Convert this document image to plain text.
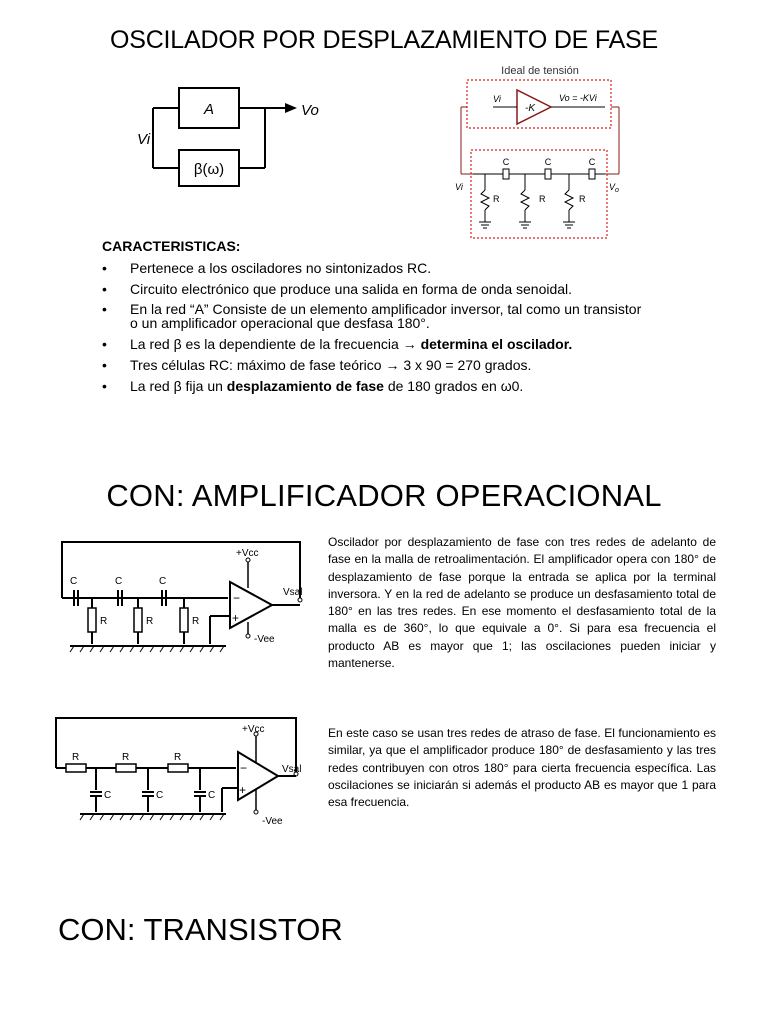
OSCILADOR POR DESPLAZAMIENTO DE FASE
A
β(ω)
Vi
Vo
Ideal de tensión
-K
Vi	Vo = -KVi
C	C	C
R	R	R
Vi	$V_o$
CARACTERISTICAS:
• Pertenece a los osciladores no sintonizados RC.
• Circuito electrónico que produce una salida en forma de onda senoidal.
• En la red “A” Consiste de un elemento amplificador inversor, tal como un transistor o un amplificador operacional que desfasa 180°.
• La red β es la dependiente de la frecuencia → determina el oscilador.
• Tres células RC: máximo de fase teórico → 3 x 90 = 270 grados.
• La red β fija un desplazamiento de fase de 180 grados en ω0.
CON: AMPLIFICADOR OPERACIONAL
C	C	C
R	R	R
−
+
+Vcc
-Vee
Vsal
Oscilador por desplazamiento de fase con tres redes de adelanto de fase en la malla de retroalimentación. El amplificador opera con 180° de desplazamiento de fase porque la entrada se aplica por la terminal inversora. Y en la red de adelanto se produce un desfasamiento total de 180° en las tres redes. En ese momento el desfasamiento total de la malla es de 360°, lo que equivale a 0°. Si para esa frecuencia el producto AB es mayor que 1; las oscilaciones pueden iniciar y mantenerse.
R	R	R
C	C	C
−
+
+Vcc
-Vee
Vsal
En este caso se usan tres redes de atraso de fase. El funcionamiento es similar, ya que el amplificador produce 180° de desfasamiento y las tres redes contribuyen con otros 180° para cierta frecuencia específica. Las oscilaciones se iniciarán si además el producto AB es mayor que 1 para esa frecuencia.
CON: TRANSISTOR
